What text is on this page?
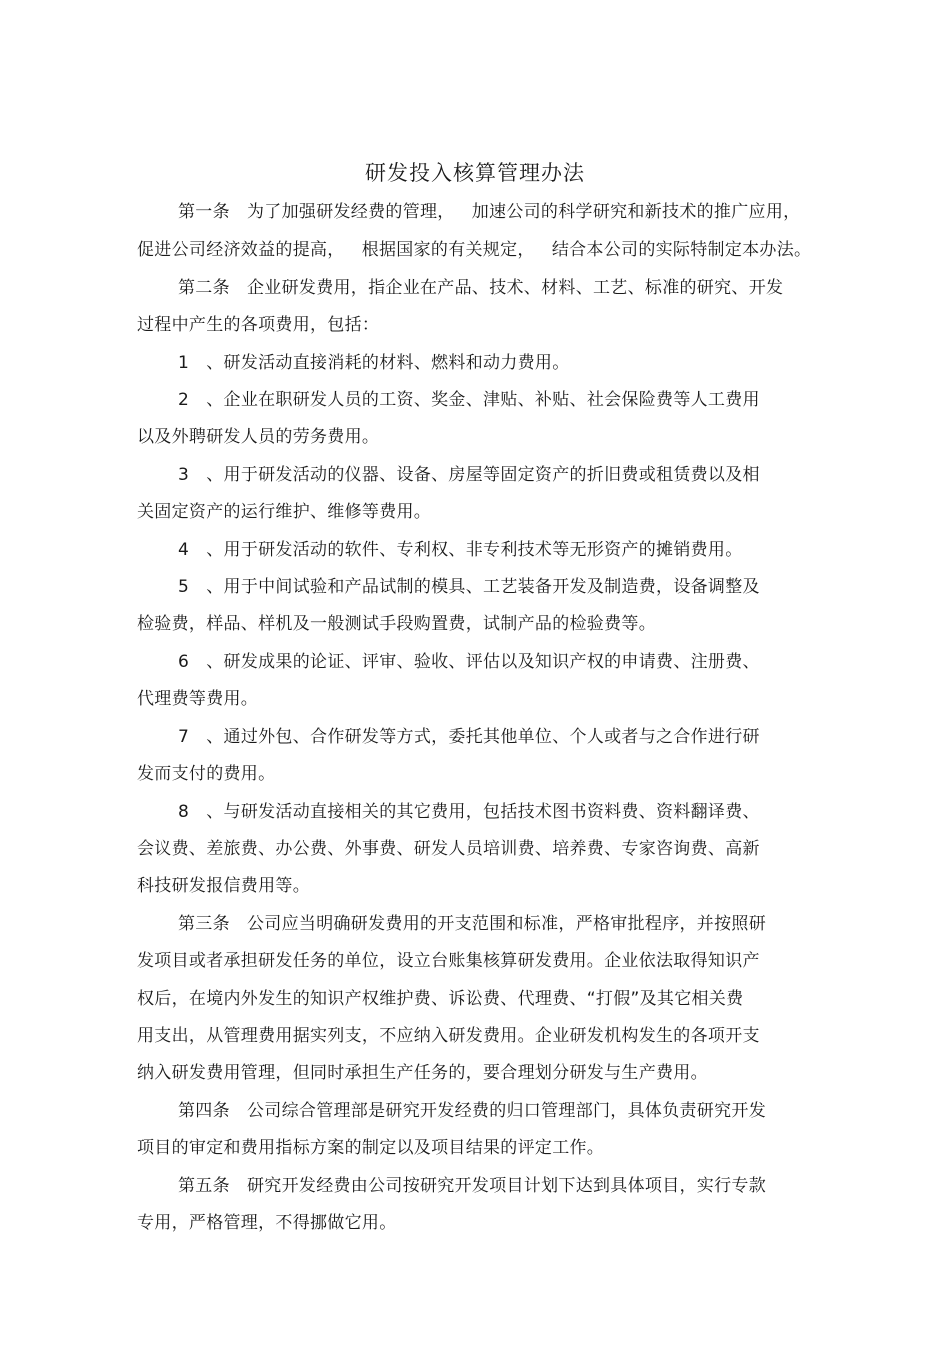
研发投入核算管理办法
第一条   为了加强研发经费的管理，   加速公司的科学研究和新技术的推广应用，
促进公司经济效益的提高，   根据国家的有关规定，   结合本公司的实际特制定本办法。
第二条   企业研发费用，指企业在产品、技术、材料、工艺、标准的研究、开发
过程中产生的各项费用，包括：
1   、研发活动直接消耗的材料、燃料和动力费用。
2   、企业在职研发人员的工资、奖金、津贴、补贴、社会保险费等人工费用
以及外聘研发人员的劳务费用。
3   、用于研发活动的仪器、设备、房屋等固定资产的折旧费或租赁费以及相
关固定资产的运行维护、维修等费用。
4   、用于研发活动的软件、专利权、非专利技术等无形资产的摊销费用。
5   、用于中间试验和产品试制的模具、工艺装备开发及制造费，设备调整及
检验费，样品、样机及一般测试手段购置费，试制产品的检验费等。
6   、研发成果的论证、评审、验收、评估以及知识产权的申请费、注册费、
代理费等费用。
7   、通过外包、合作研发等方式，委托其他单位、个人或者与之合作进行研
发而支付的费用。
8   、与研发活动直接相关的其它费用，包括技术图书资料费、资料翻译费、
会议费、差旅费、办公费、外事费、研发人员培训费、培养费、专家咨询费、高新
科技研发报信费用等。
第三条   公司应当明确研发费用的开支范围和标准，严格审批程序，并按照研
发项目或者承担研发任务的单位，设立台账集核算研发费用。企业依法取得知识产
权后，在境内外发生的知识产权维护费、诉讼费、代理费、“打假”及其它相关费
用支出，从管理费用据实列支，不应纳入研发费用。企业研发机构发生的各项开支
纳入研发费用管理，但同时承担生产任务的，要合理划分研发与生产费用。
第四条   公司综合管理部是研究开发经费的归口管理部门，具体负责研究开发
项目的审定和费用指标方案的制定以及项目结果的评定工作。
第五条   研究开发经费由公司按研究开发项目计划下达到具体项目，实行专款
专用，严格管理，不得挪做它用。
